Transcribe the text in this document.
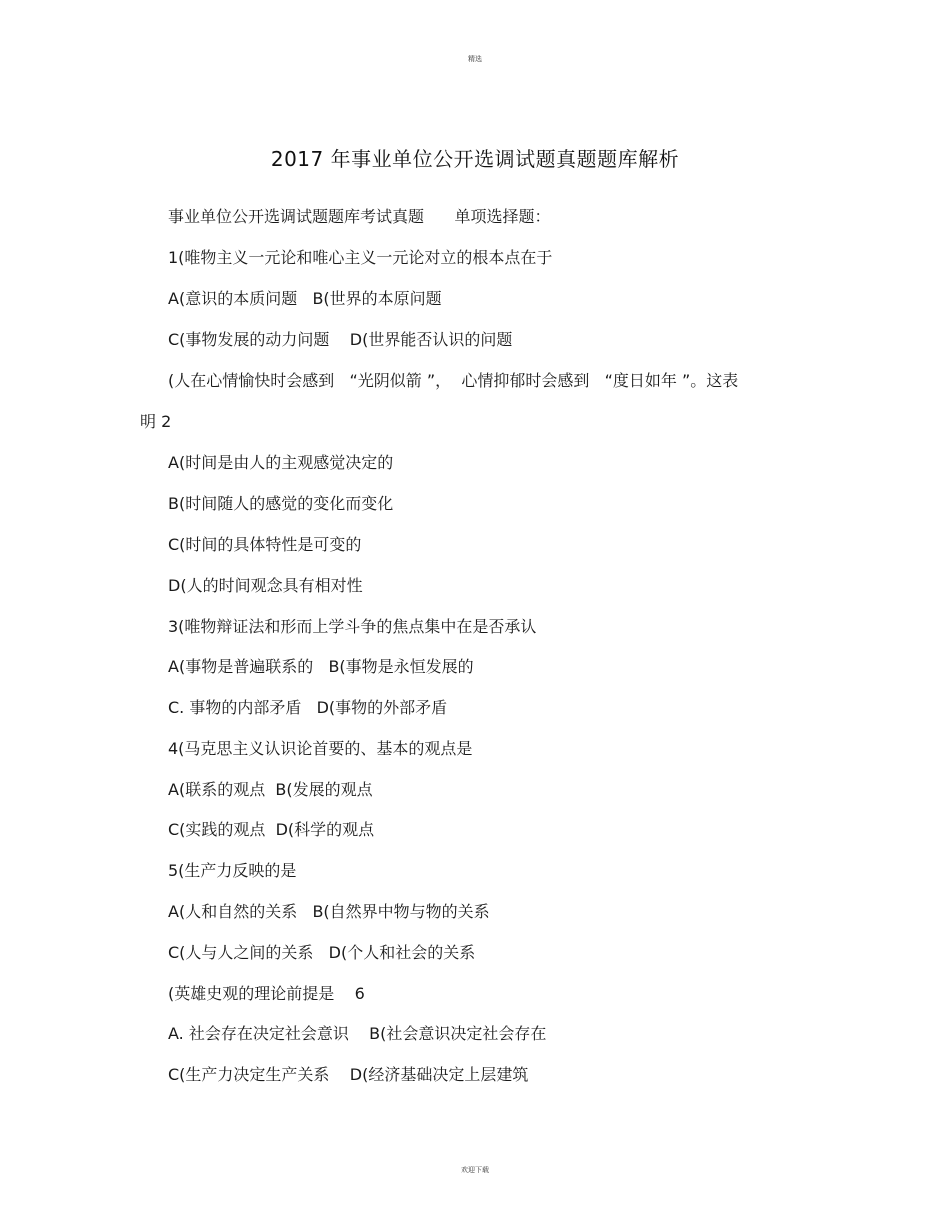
精选
2017 年事业单位公开选调试题真题题库解析
事业单位公开选调试题题库考试真题      单项选择题：
1(唯物主义一元论和唯心主义一元论对立的根本点在于
A(意识的本质问题   B(世界的本原问题
C(事物发展的动力问题    D(世界能否认识的问题
(人在心情愉快时会感到   “光阴似箭 ”，  心情抑郁时会感到   “度日如年 ”。这表
明 2
A(时间是由人的主观感觉决定的
B(时间随人的感觉的变化而变化
C(时间的具体特性是可变的
D(人的时间观念具有相对性
3(唯物辩证法和形而上学斗争的焦点集中在是否承认
A(事物是普遍联系的   B(事物是永恒发展的
C. 事物的内部矛盾   D(事物的外部矛盾
4(马克思主义认识论首要的、基本的观点是
A(联系的观点  B(发展的观点
C(实践的观点  D(科学的观点
5(生产力反映的是
A(人和自然的关系   B(自然界中物与物的关系
C(人与人之间的关系   D(个人和社会的关系
(英雄史观的理论前提是    6
A. 社会存在决定社会意识    B(社会意识决定社会存在
C(生产力决定生产关系    D(经济基础决定上层建筑
欢迎下载
